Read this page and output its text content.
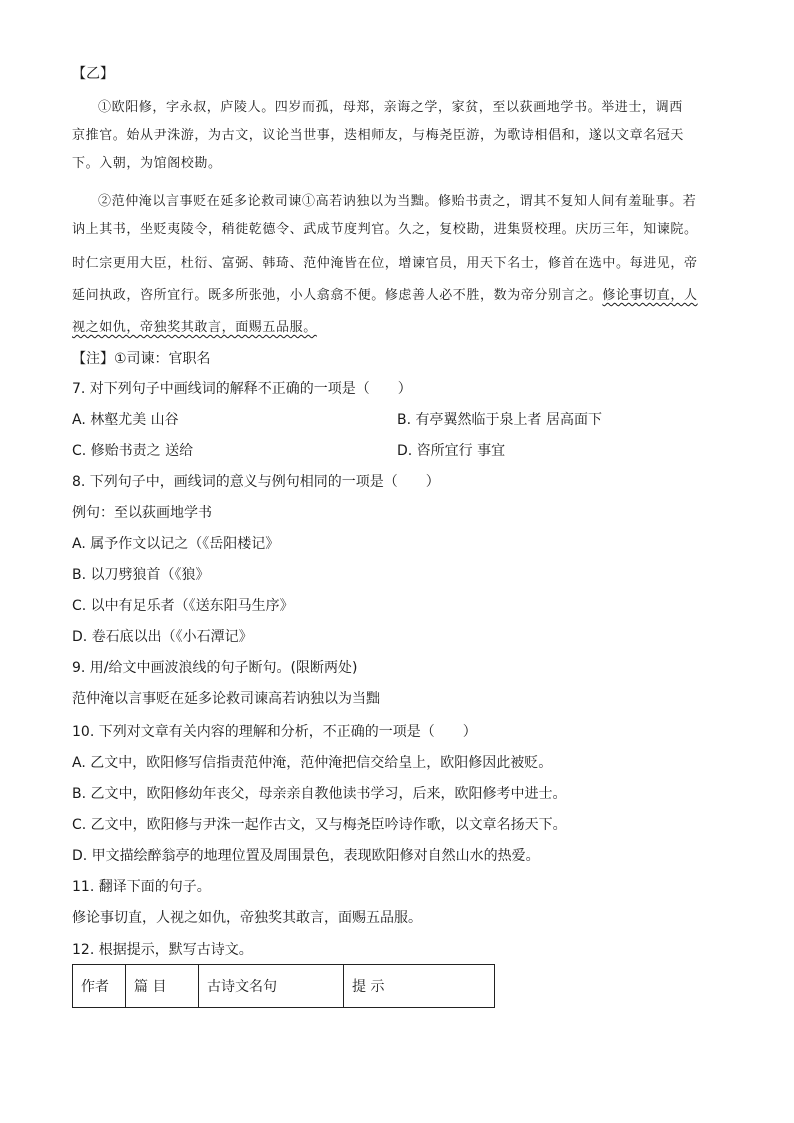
【乙】
①欧阳修，字永叔，庐陵人。四岁而孤，母郑，亲诲之学，家贫，至以荻画地学书。举进士，调西
京推官。始从尹洙游，为古文，议论当世事，迭相师友，与梅尧臣游，为歌诗相倡和，遂以文章名冠天
下。入朝，为馆阁校勘。
②范仲淹以言事贬在延多论救司谏①高若讷独以为当黜。修贻书责之，谓其不复知人间有羞耻事。若
讷上其书，坐贬夷陵令，稍徙乾德令、武成节度判官。久之，复校勘，进集贤校理。庆历三年，知谏院。
时仁宗更用大臣，杜衍、富弼、韩琦、范仲淹皆在位，增谏官员，用天下名士，修首在选中。每进见，帝
延问执政，咨所宜行。既多所张弛，小人翕翕不便。修虑善人必不胜，数为帝分别言之。修论事切直，人
视之如仇，帝独奖其敢言，面赐五品服。
【注】①司谏：官职名
7. 对下列句子中画线词的解释不正确的一项是（　　）
A. 林壑尤美 山谷	B. 有亭翼然临于泉上者 居高面下
C. 修贻书责之 送给	D. 咨所宜行 事宜
8. 下列句子中，画线词的意义与例句相同的一项是（　　）
例句：至以荻画地学书
A. 属予作文以记之（《岳阳楼记》
B. 以刀劈狼首（《狼》
C. 以中有足乐者（《送东阳马生序》
D. 卷石底以出（《小石潭记》
9. 用/给文中画波浪线的句子断句。(限断两处)
范仲淹以言事贬在延多论救司谏高若讷独以为当黜
10. 下列对文章有关内容的理解和分析，不正确的一项是（　　）
A. 乙文中，欧阳修写信指责范仲淹，范仲淹把信交给皇上，欧阳修因此被贬。
B. 乙文中，欧阳修幼年丧父，母亲亲自教他读书学习，后来，欧阳修考中进士。
C. 乙文中，欧阳修与尹洙一起作古文，又与梅尧臣吟诗作歌，以文章名扬天下。
D. 甲文描绘醉翁亭的地理位置及周围景色，表现欧阳修对自然山水的热爱。
11. 翻译下面的句子。
修论事切直，人视之如仇，帝独奖其敢言，面赐五品服。
12. 根据提示，默写古诗文。
作者	篇 目	古诗文名句	提 示
